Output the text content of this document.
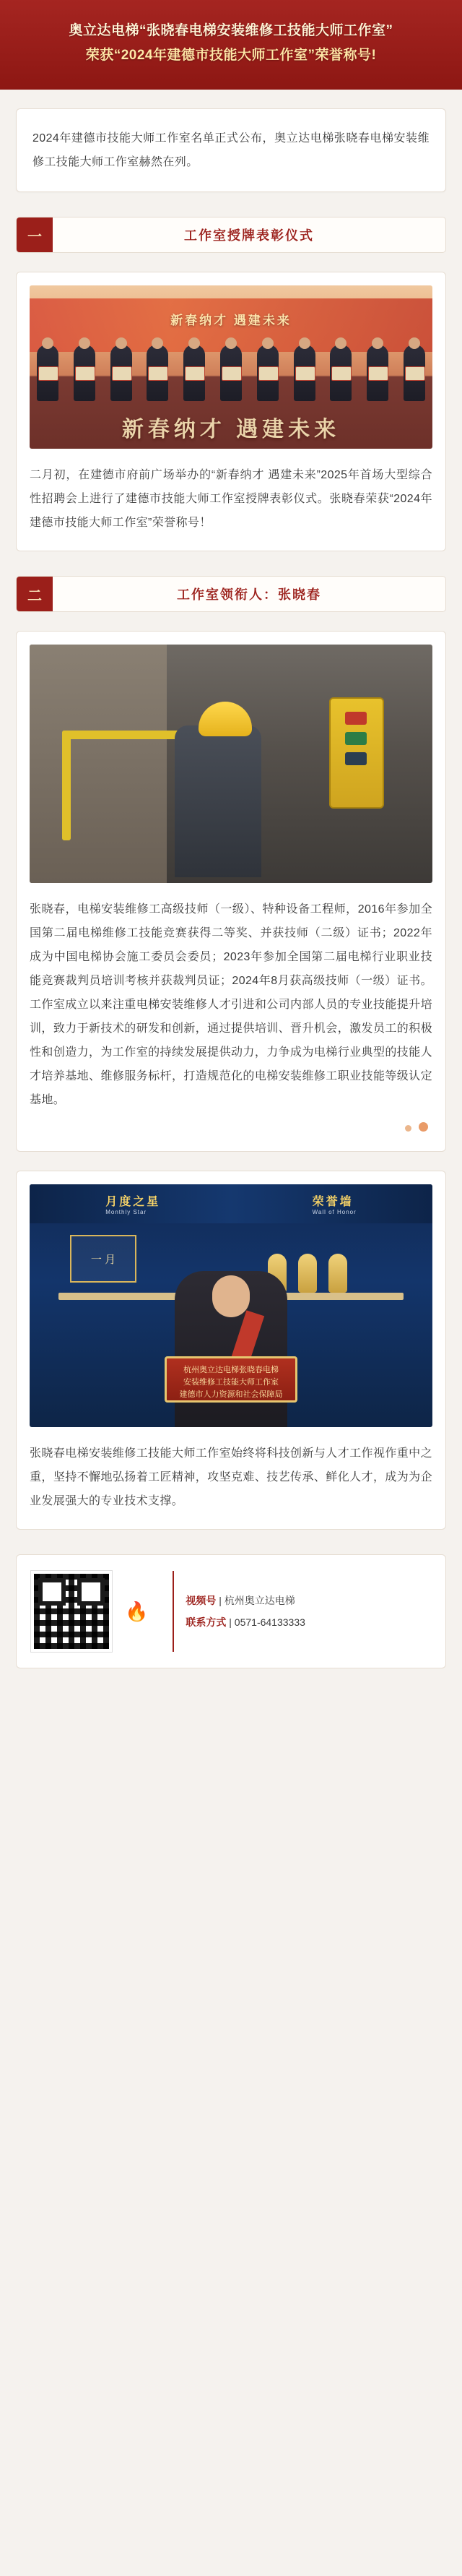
奥立达电梯“张晓春电梯安装维修工技能大师工作室”
荣获“2024年建德市技能大师工作室”荣誉称号!
2024年建德市技能大师工作室名单正式公布，奥立达电梯张晓春电梯安装维修工技能大师工作室赫然在列。
一	工作室授牌表彰仪式
新春纳才 遇建未来
新春纳才 遇建未来
二月初，在建德市府前广场举办的“新春纳才 遇建未来”2025年首场大型综合性招聘会上进行了建德市技能大师工作室授牌表彰仪式。张晓春荣获“2024年建德市技能大师工作室”荣誉称号！
二	工作室领衔人：张晓春
张晓春，电梯安装维修工高级技师（一级）、特种设备工程师，2016年参加全国第二届电梯维修工技能竞赛获得二等奖、并获技师（二级）证书；2022年成为中国电梯协会施工委员会委员；2023年参加全国第二届电梯行业职业技能竞赛裁判员培训考核并获裁判员证；2024年8月获高级技师（一级）证书。工作室成立以来注重电梯安装维修人才引进和公司内部人员的专业技能提升培训，致力于新技术的研发和创新，通过提供培训、晋升机会，激发员工的积极性和创造力，为工作室的持续发展提供动力，力争成为电梯行业典型的技能人才培养基地、维修服务标杆，打造规范化的电梯安装维修工职业技能等级认定基地。

月度之星
Monthly Star
荣誉墙
Wall of Honor
一 月
杭州奥立达电梯张晓春电梯
安装维修工技能大师工作室
建德市人力资源和社会保障局
张晓春电梯安装维修工技能大师工作室始终将科技创新与人才工作视作重中之重，坚持不懈地弘扬着工匠精神，攻坚克难、技艺传承、鲜化人才，成为为企业发展强大的专业技术支撑。
🔥	视频号 | 杭州奥立达电梯
联系方式 | 0571-64133333
